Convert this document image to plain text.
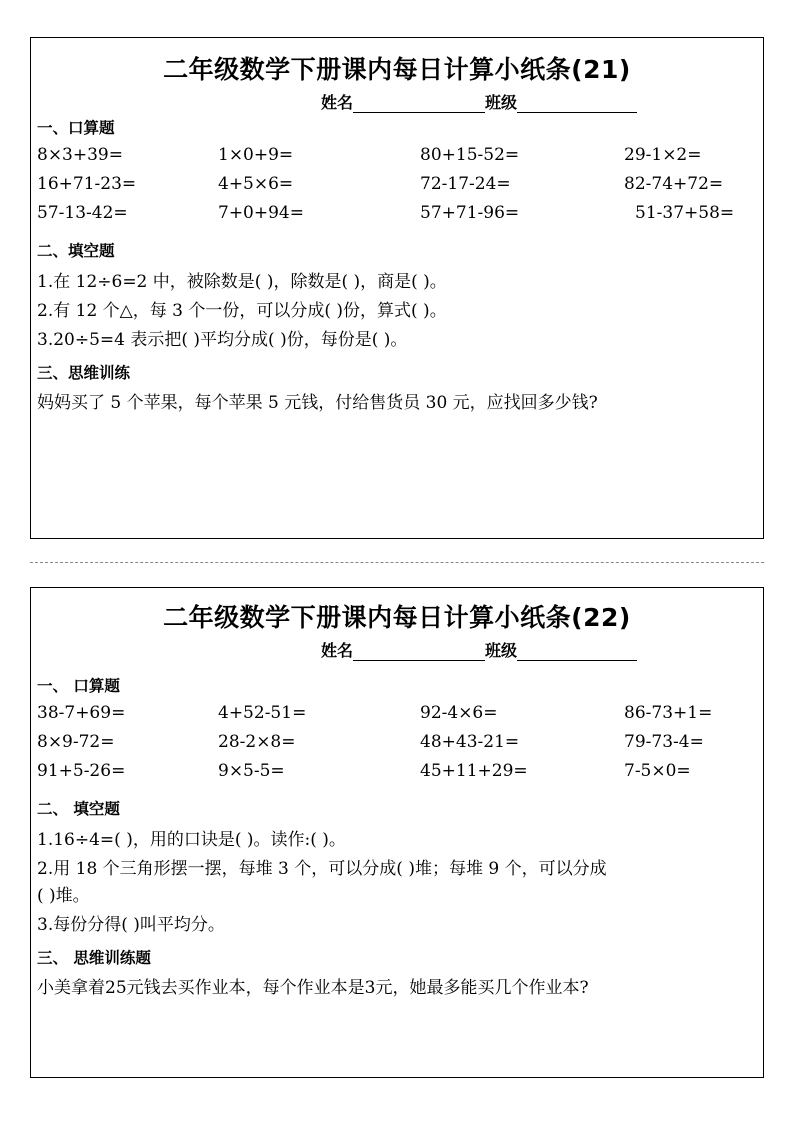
二年级数学下册课内每日计算小纸条(21)
姓名	班级
一、口算题
8×3+39=	1×0+9=	80+15-52=	29-1×2=
16+71-23=	4+5×6=	72-17-24=	82-74+72=
57-13-42=	7+0+94=	57+71-96=	51-37+58=
二、填空题
1.在 12÷6=2 中，被除数是( )，除数是( )，商是( )。
2.有 12 个△，每 3 个一份，可以分成( )份，算式( )。
3.20÷5=4 表示把( )平均分成( )份，每份是( )。
三、思维训练
妈妈买了 5 个苹果，每个苹果 5 元钱，付给售货员 30 元，应找回多少钱?
二年级数学下册课内每日计算小纸条(22)
姓名	班级
一、 口算题
38-7+69=	4+52-51=	92-4×6=	86-73+1=
8×9-72=	28-2×8=	48+43-21=	79-73-4=
91+5-26=	9×5-5=	45+11+29=	7-5×0=
二、 填空题
1.16÷4=( )，用的口诀是( )。读作:( )。
2.用 18 个三角形摆一摆，每堆 3 个，可以分成( )堆；每堆 9 个，可以分成
( )堆。
3.每份分得( )叫平均分。
三、 思维训练题
小美拿着25元钱去买作业本，每个作业本是3元，她最多能买几个作业本?
